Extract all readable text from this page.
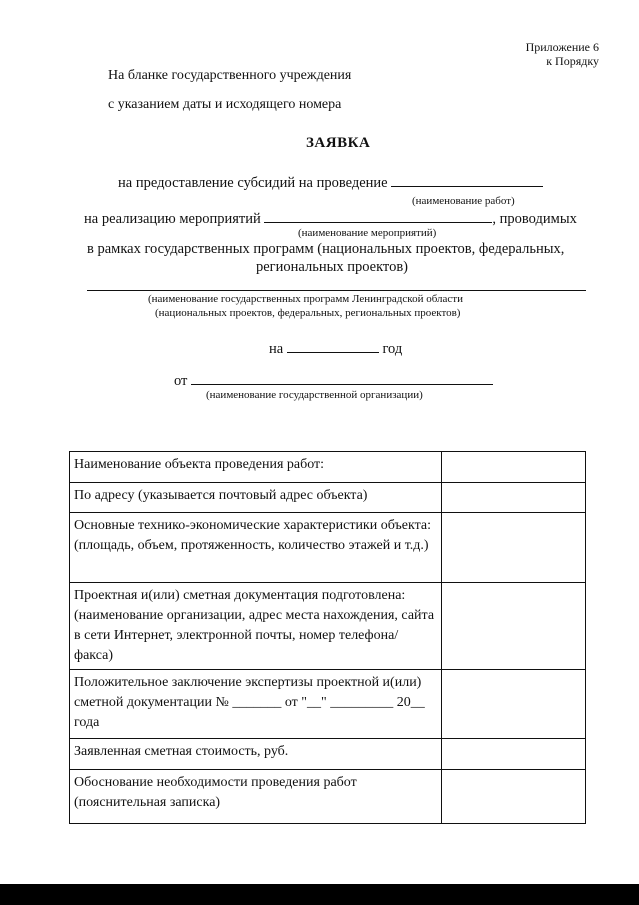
Приложение 6
к Порядку
На бланке государственного учреждения
с указанием даты и исходящего номера
ЗАЯВКА
на предоставление субсидий на проведение
(наименование работ)
на реализацию мероприятий	, проводимых
(наименование мероприятий)
в рамках государственных программ (национальных проектов, федеральных,
региональных проектов)
(наименование государственных программ Ленинградской области
(национальных проектов, федеральных, региональных проектов)
на	год
от
(наименование государственной организации)
Наименование объекта проведения работ:	
По адресу (указывается почтовый адрес объекта)	
Основные технико-экономические характеристики объекта: (площадь, объем, протяженность, количество этажей и т.д.)	
Проектная и(или) сметная документация подготовлена: (наименование организации, адрес места нахождения, сайта в сети Интернет, электронной почты, номер телефона/факса)	
Положительное заключение экспертизы проектной и(или) сметной документации № _______ от "__" _________ 20__ года	
Заявленная сметная стоимость, руб.	
Обоснование необходимости проведения работ (пояснительная записка)	
